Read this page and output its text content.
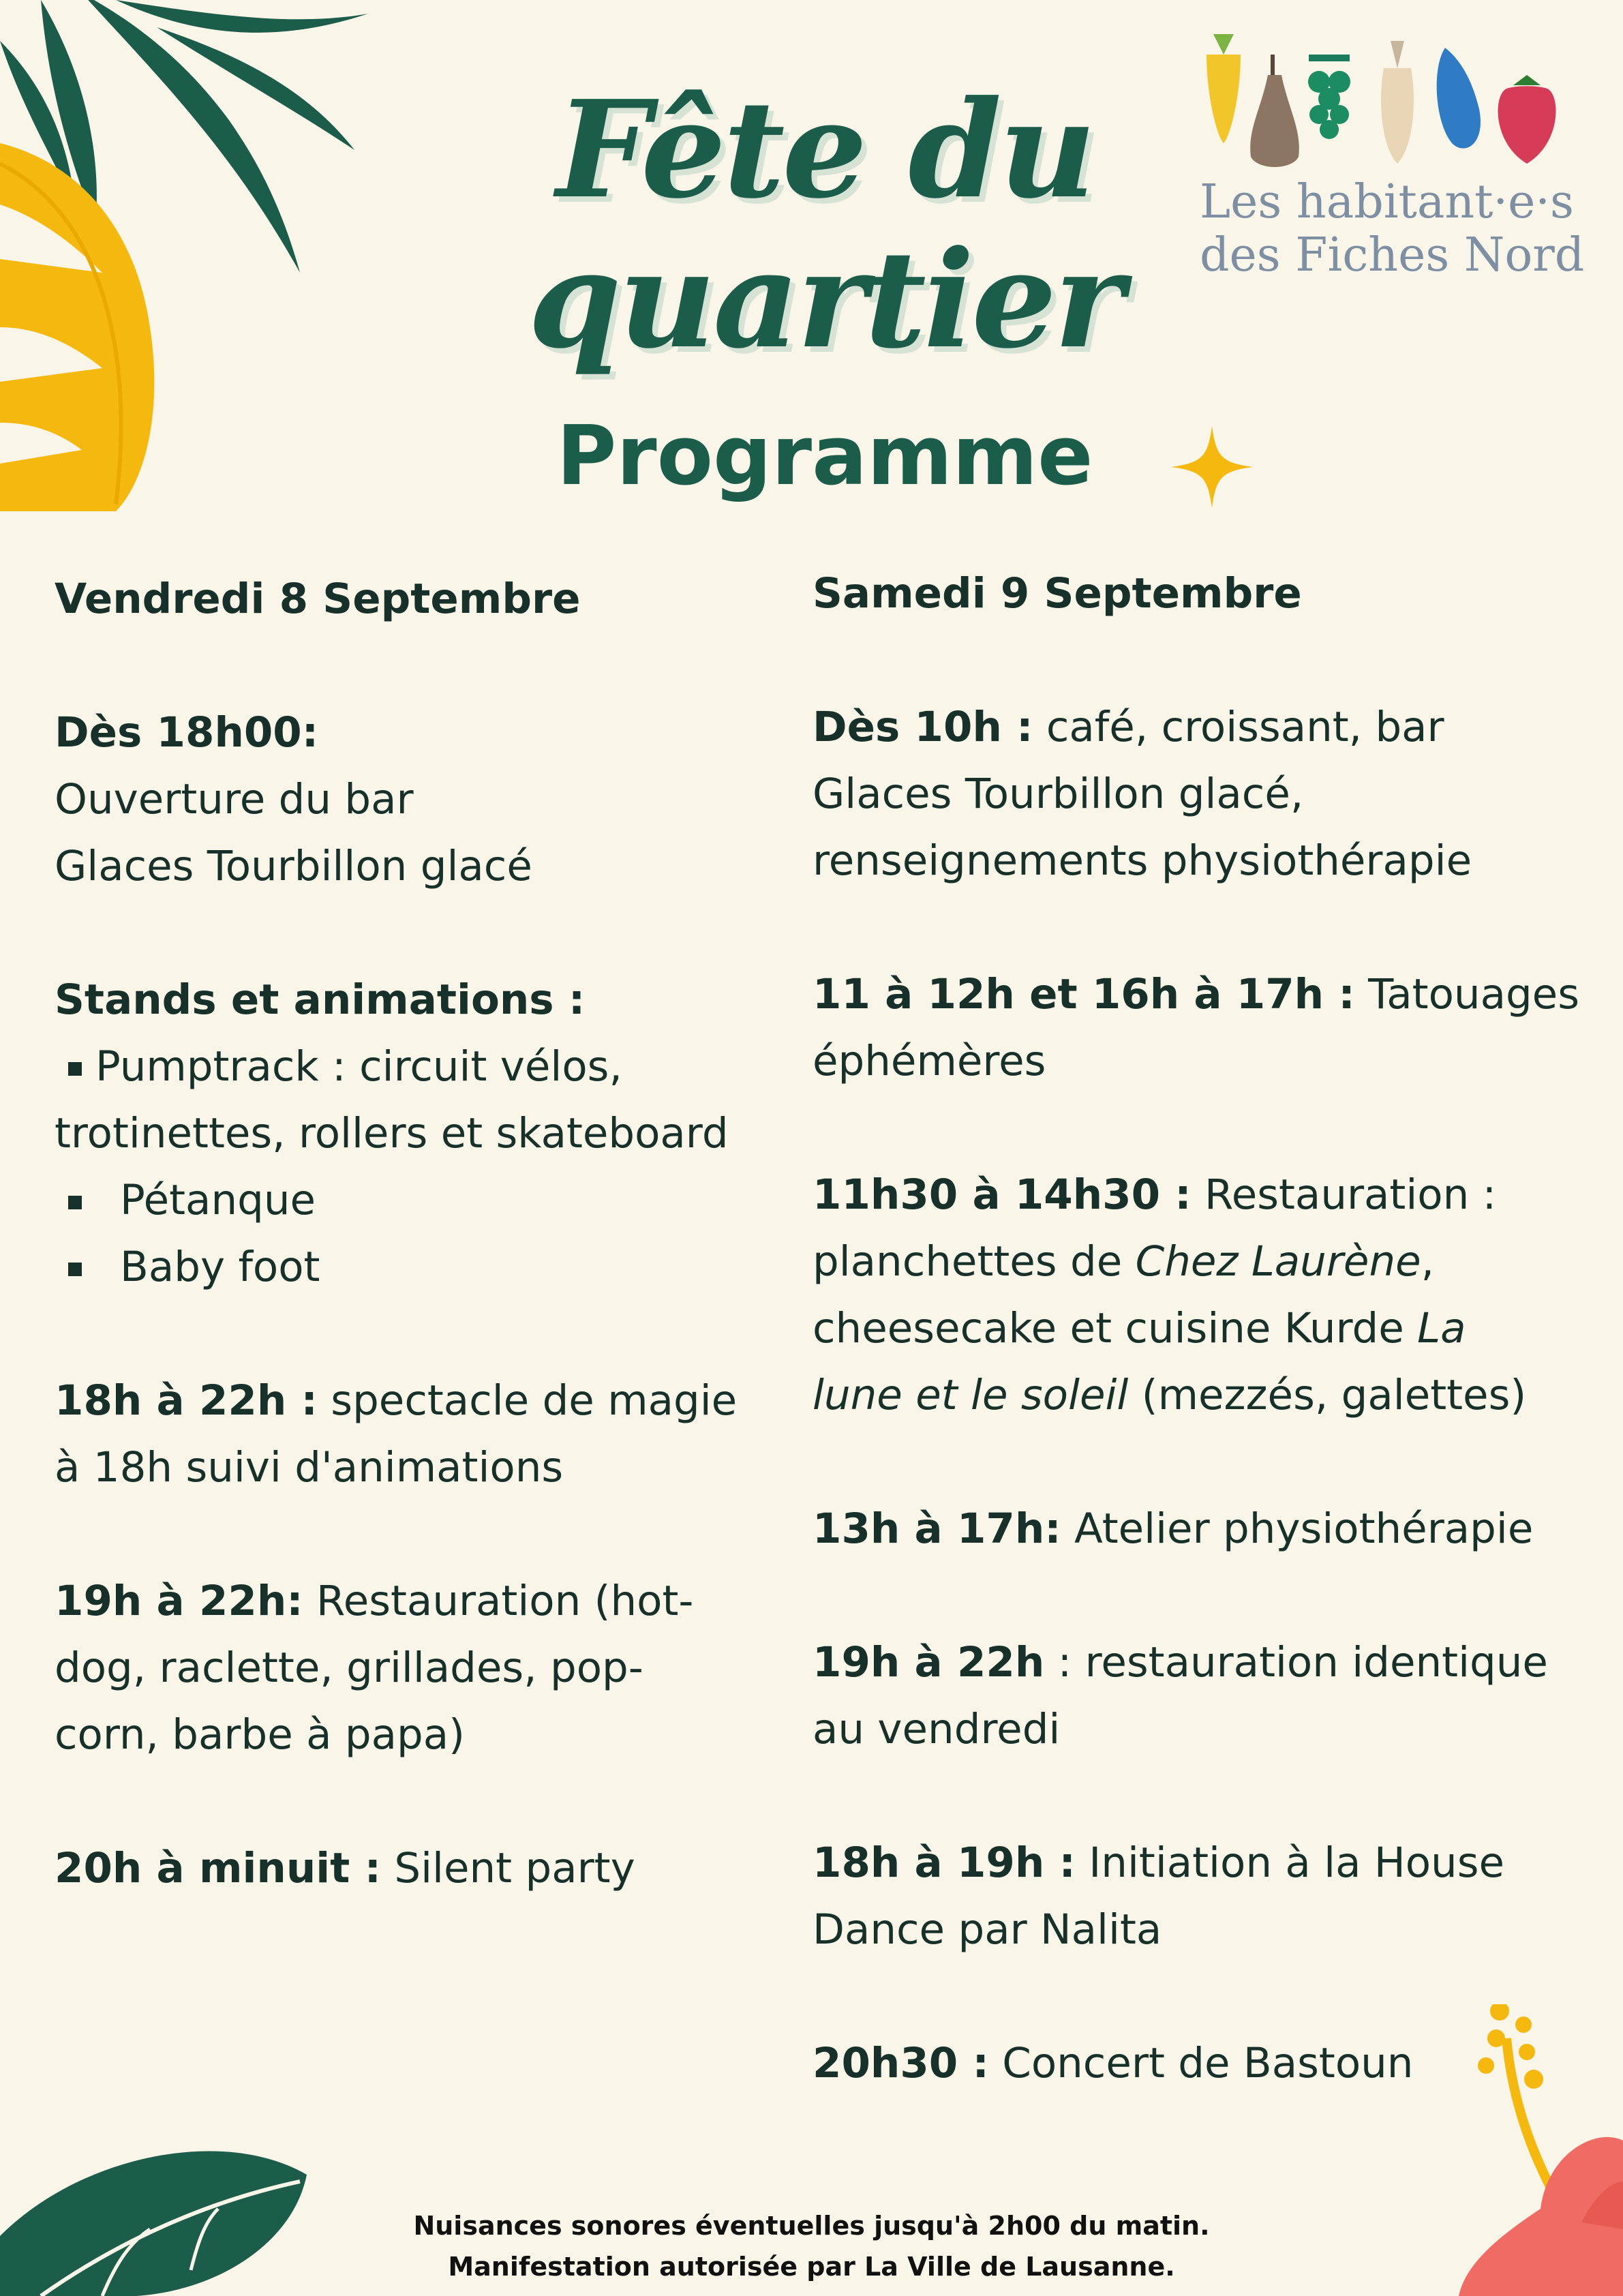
Fête du
quartier
Programme
Les habitant·e·s
des Fiches Nord
Vendredi 8 Septembre
Dès 18h00:
Ouverture du bar
Glaces Tourbillon glacé
Stands et animations :
Pumptrack : circuit vélos,
trotinettes, rollers et skateboard
Pétanque
Baby foot
18h à 22h : spectacle de magie
à 18h suivi d'animations
19h à 22h: Restauration (hot-
dog, raclette, grillades, pop-
corn, barbe à papa)
20h à minuit : Silent party
Samedi 9 Septembre
Dès 10h : café, croissant, bar
Glaces Tourbillon glacé,
renseignements physiothérapie
11 à 12h et 16h à 17h : Tatouages
éphémères
11h30 à 14h30 : Restauration :
planchettes de Chez Laurène,
cheesecake et cuisine Kurde La
lune et le soleil (mezzés, galettes)
13h à 17h: Atelier physiothérapie
19h à 22h : restauration identique
au vendredi
18h à 19h : Initiation à la House
Dance par Nalita
20h30 : Concert de Bastoun
Nuisances sonores éventuelles jusqu'à 2h00 du matin.
Manifestation autorisée par La Ville de Lausanne.
